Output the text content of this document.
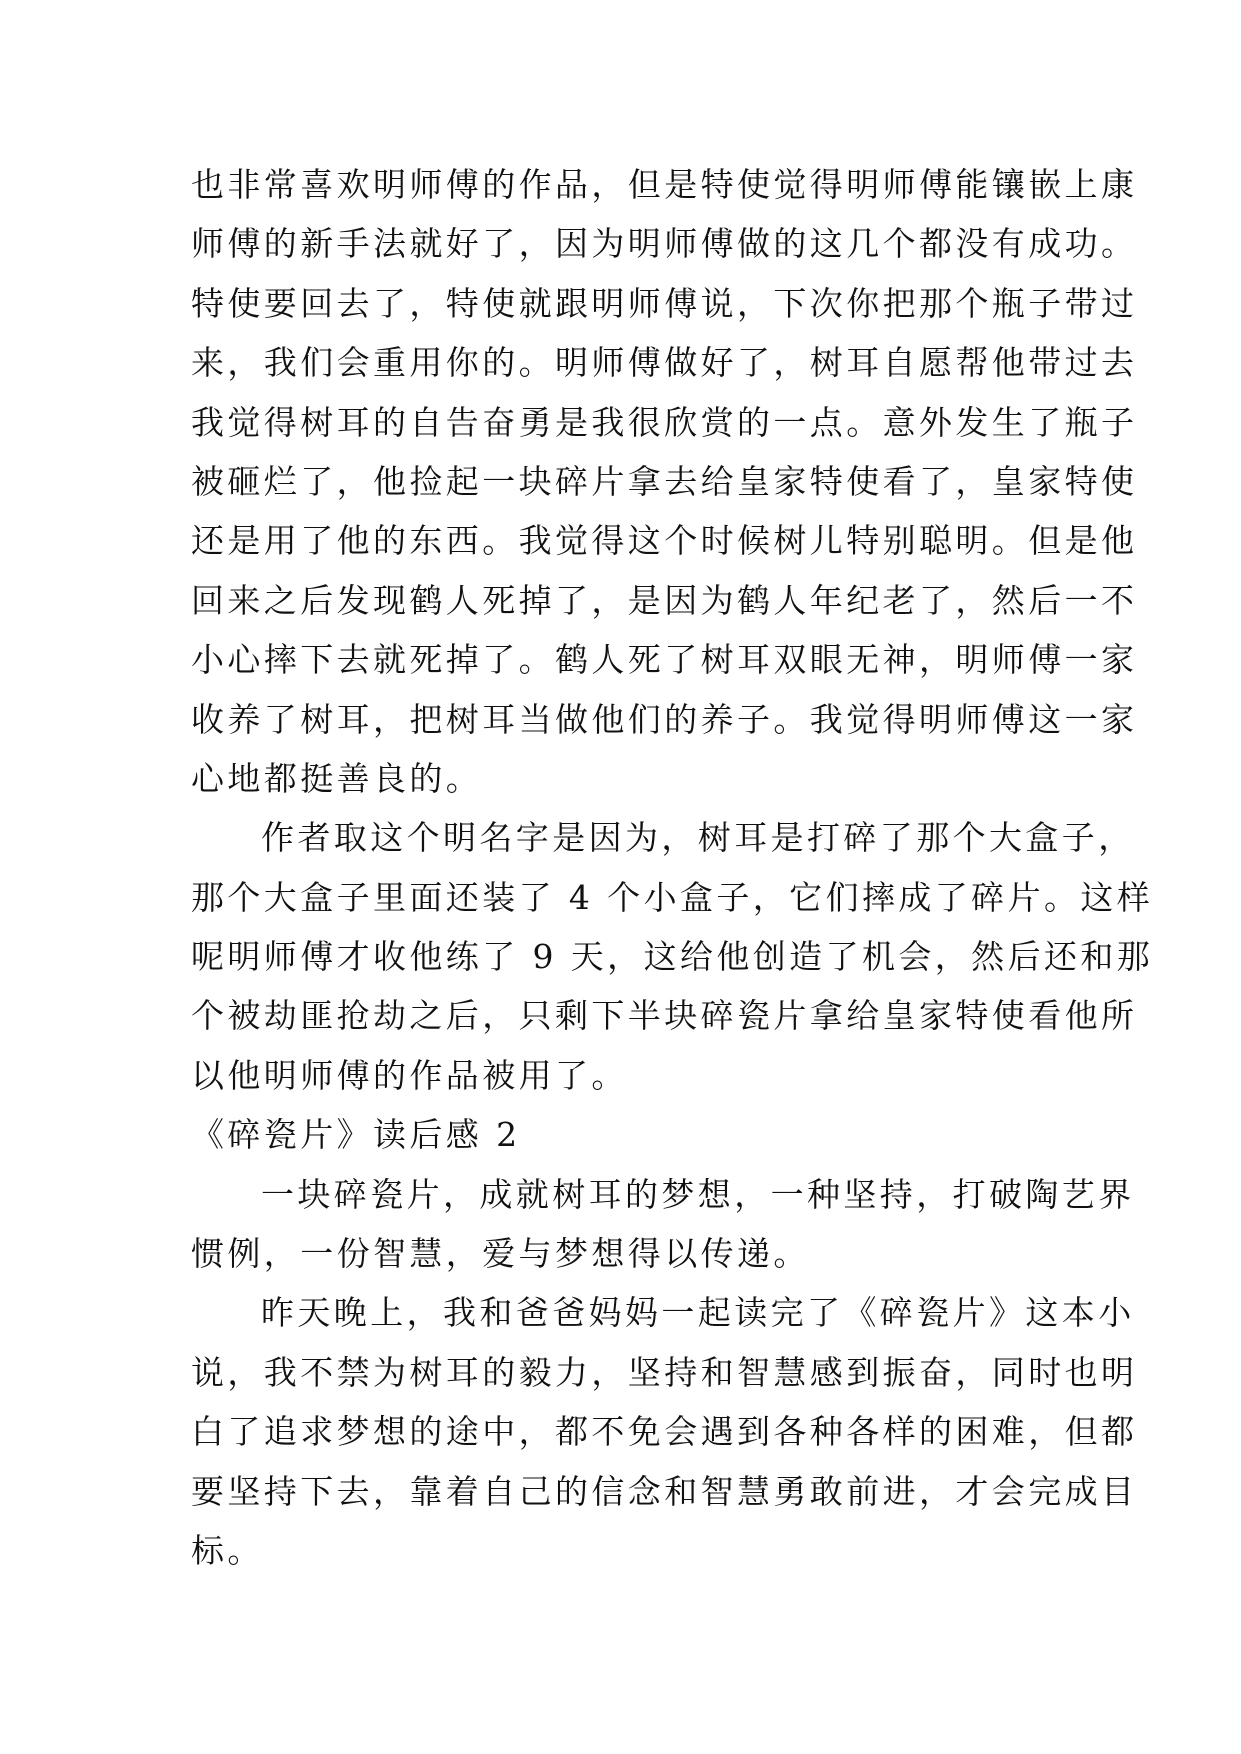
也非常喜欢明师傅的作品，但是特使觉得明师傅能镶嵌上康
师傅的新手法就好了，因为明师傅做的这几个都没有成功。
特使要回去了，特使就跟明师傅说，下次你把那个瓶子带过
来，我们会重用你的。明师傅做好了，树耳自愿帮他带过去
我觉得树耳的自告奋勇是我很欣赏的一点。意外发生了瓶子
被砸烂了，他捡起一块碎片拿去给皇家特使看了，皇家特使
还是用了他的东西。我觉得这个时候树儿特别聪明。但是他
回来之后发现鹤人死掉了，是因为鹤人年纪老了，然后一不
小心摔下去就死掉了。鹤人死了树耳双眼无神，明师傅一家
收养了树耳，把树耳当做他们的养子。我觉得明师傅这一家
心地都挺善良的。
作者取这个明名字是因为，树耳是打碎了那个大盒子，
那个大盒子里面还装了 4 个小盒子，它们摔成了碎片。这样
呢明师傅才收他练了 9 天，这给他创造了机会，然后还和那
个被劫匪抢劫之后，只剩下半块碎瓷片拿给皇家特使看他所
以他明师傅的作品被用了。
《碎瓷片》读后感 2
一块碎瓷片，成就树耳的梦想，一种坚持，打破陶艺界
惯例，一份智慧，爱与梦想得以传递。
昨天晚上，我和爸爸妈妈一起读完了《碎瓷片》这本小
说，我不禁为树耳的毅力，坚持和智慧感到振奋，同时也明
白了追求梦想的途中，都不免会遇到各种各样的困难，但都
要坚持下去，靠着自己的信念和智慧勇敢前进，才会完成目
标。
